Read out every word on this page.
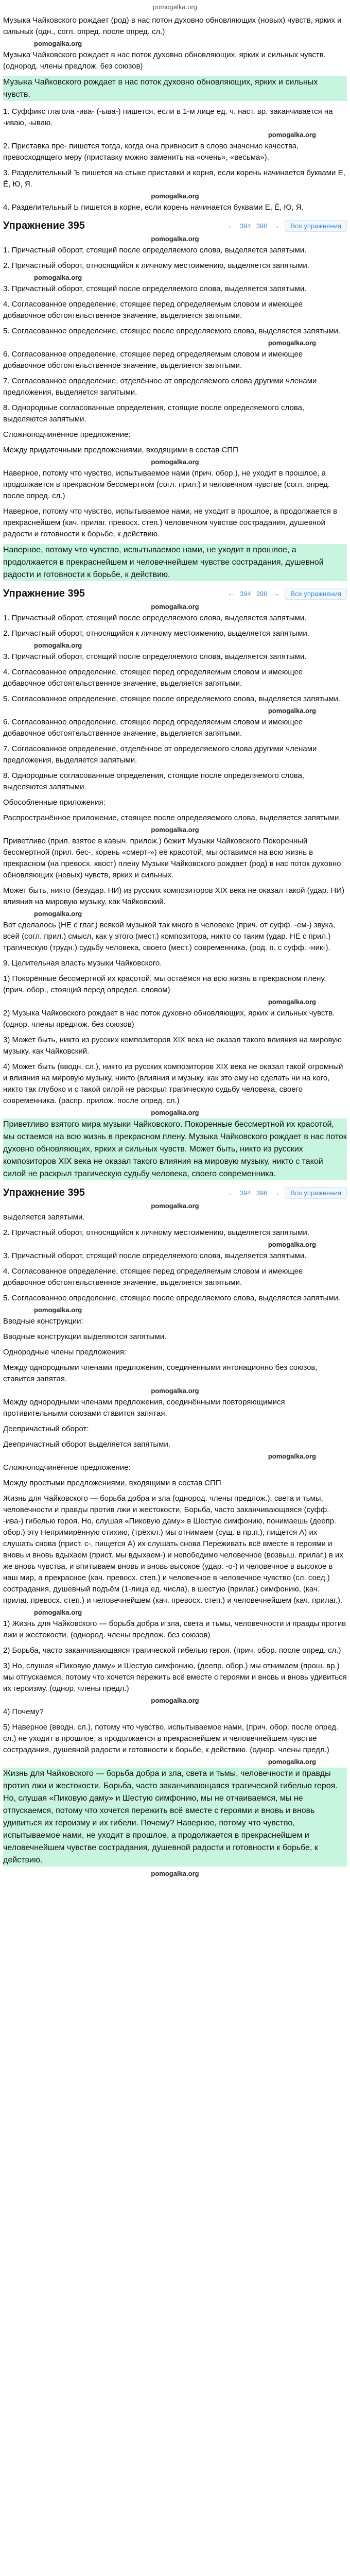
pomogalka.org

Музыка Чайковского рождает (род) в нас потон духовно обновляющих (новых) чувств, ярких и сильных (одн., согл. опред. после опред. сл.)

pomogalka.org

Музыка Чайковского рождает в нас поток духовно обновляющих, ярких и сильных чувств. (однород. члены предлож. без союзов)

Музыка Чайковского рождает в нас поток духовно обновляющих, ярких и сильных чувств.

1. Суффикс глагола -ива- (-ыва-) пишется, если в 1-м лице ед. ч. наст. вр. заканчивается на -иваю, -ываю.

pomogalka.org

2. Приставка пре- пишется тогда, когда она привносит в слово значение качества, превосходящего меру (приставку можно заменить на «очень», «весьма»).

3. Разделительный Ъ пишется на стыке приставки и корня, если корень начинается буквами Е, Ё, Ю, Я.

pomogalka.org

4. Разделительный Ь пишется в корне, если корень начинается буквами Е, Ё, Ю, Я.

Упражнение 395	← 394 396 →	Все упражнения
pomogalka.org

1. Причастный оборот, стоящий после определяемого слова, выделяется запятыми.

2. Причастный оборот, относящийся к личному местоимению, выделяется запятыми.

pomogalka.org

3. Причастный оборот, стоящий после определяемого слова, выделяется запятыми.

4. Согласованное определение, стоящее перед определяемым словом и имеющее добавочное обстоятельственное значение, выделяется запятыми.

5. Согласованное определение, стоящее после определяемого слова, выделяется запятыми.

pomogalka.org

6. Согласованное определение, стоящее перед определяемым словом и имеющее добавочное обстоятельственное значение, выделяется запятыми.

7. Согласованное определение, отделённое от определяемого слова другими членами предложения, выделяется запятыми.

8. Однородные согласованные определения, стоящие после определяемого слова, выделяются запятыми.

Сложноподчинённое предложение:

Между придаточными предложениями, входящими в состав СПП

pomogalka.org

Наверное, потому что чувство, испытываемое нами (прич. обор.), не уходит в прошлое, а продолжается в прекрасном бессмертном (согл. прил.) и человечном чувстве (согл. опред. после опред. сл.)

Наверное, потому что чувство, испытываемое нами, не уходит в прошлое, а продолжается в прекраснейшем (кач. прилаг. превосх. степ.) человечном чувстве сострадания, душевной радости и готовности к борьбе, к действию.

Наверное, потому что чувство, испытываемое нами, не уходит в прошлое, а продолжается в прекраснейшем и человечнейшем чувстве сострадания, душевной радости и готовности к борьбе, к действию.

Упражнение 395	← 394 396 →	Все упражнения
pomogalka.org

1. Причастный оборот, стоящий после определяемого слова, выделяется запятыми.

2. Причастный оборот, относящийся к личному местоимению, выделяется запятыми.

pomogalka.org

3. Причастный оборот, стоящий после определяемого слова, выделяется запятыми.

4. Согласованное определение, стоящее перед определяемым словом и имеющее добавочное обстоятельственное значение, выделяется запятыми.

5. Согласованное определение, стоящее после определяемого слова, выделяется запятыми.

pomogalka.org

6. Согласованное определение, стоящее перед определяемым словом и имеющее добавочное обстоятельственное значение, выделяется запятыми.

7. Согласованное определение, отделённое от определяемого слова другими членами предложения, выделяется запятыми.

8. Однородные согласованные определения, стоящие после определяемого слова, выделяются запятыми.

Обособленные приложения:

Распространённое приложение, стоящее после определяемого слова, выделяется запятыми.

pomogalka.org

Приветливо (прил. взятое в кавыч. прилож.) бежит Музыки Чайковского Покоренный бессмертной (прил. бес-, корень «смерт-») её красотой, мы оставимся на всю жизнь в прекрасном (на превосх. хвост) плену Музыки Чайковского рождает (род) в нас поток духовно обновляющих (новых) чувств, ярких и сильных.

Может быть, никто (безудар. НИ) из русских композиторов XIX века не оказал такой (удар. НИ) влияния на мировую музыку, как Чайковский.

pomogalka.org

Вот сделалось (НЕ с глаг.) всякой музыкой так много в человеке (прич. от суфф. -ем-) звука, всей (согл. прил.) смысл, как у этого (мест.) композитора, никто со таким (удар. НЕ с прил.) трагическую (трудн.) судьбу человека, своего (мест.) современника, (род. п. с суфф. -ник-).

9. Целительная власть музыки Чайковского.

1) Покорённые бессмертной их красотой, мы остаёмся на всю жизнь в прекрасном плену. (прич. обор., стоящий перед определ. словом)

pomogalka.org

2) Музыка Чайковского рождает в нас поток духовно обновляющих, ярких и сильных чувств. (однор. члены предлож. без союзов)

3) Может быть, никто из русских композиторов XIX века не оказал такого влияния на мировую музыку, как Чайковский.

4) Может быть (вводн. сл.), никто из русских композиторов XIX века не оказал такой огромный и влияния на мировую музыку, никто (влияния и музыку, как это ему не сделать ни на кого, никто так глубоко и с такой силой не раскрыл трагическую судьбу человека, своего современника. (распр. прилож. после опред. сл.)

pomogalka.org

Приветливо взятого мира музыки Чайковского. Покоренные бессмертной их красотой, мы остаемся на всю жизнь в прекрасном плену. Музыка Чайковского рождает в нас поток духовно обновляющих, ярких и сильных чувств. Может быть, никто из русских композиторов XIX века не оказал такого влияния на мировую музыку, никто с такой силой не раскрыл трагическую судьбу человека, своего современника.

Упражнение 395	← 394 396 →	Все упражнения
pomogalka.org

выделяется запятыми.

2. Причастный оборот, относящийся к личному местоимению, выделяется запятыми.

pomogalka.org

3. Причастный оборот, стоящий после определяемого слова, выделяется запятыми.

4. Согласованное определение, стоящее перед определяемым словом и имеющее добавочное обстоятельственное значение, выделяется запятыми.

5. Согласованное определение, стоящее после определяемого слова, выделяется запятыми.

pomogalka.org

Вводные конструкции:

Вводные конструкции выделяются запятыми.

Однородные члены предложения:

Между однородными членами предложения, соединёнными интонационно без союзов, ставится запятая.

pomogalka.org

Между однородными членами предложения, соединёнными повторяющимися противительными союзами ставится запятая.

Деепричастный оборот:

Деепричастный оборот выделяется запятыми.

pomogalka.org

Сложноподчинённое предложение:

Между простыми предложениями, входящими в состав СПП

Жизнь для Чайковского — борьба добра и зла (однород. члены предлож.), света и тьмы, человечности и правды против лжи и жестокости, Борьба, часто заканчивающаяся (суфф. -ива-) гибелью героя. Но, слушая «Пиковую даму» в Шестую симфонию, понимаешь (деепр. обор.) эту Непримирённую стихию, (трёхкл.) мы отнимаем (сущ. в пр.п.), пищется А) их слушать снова (прист. с-, пищется А) их слушать снова Переживать всё вместе в героями и вновь и вновь вдыхаем (прист. мы вдыхаем-) и непобедимо человечное (возвыш. прилаг.) в их же вновь чувства, и впитываем вновь и вновь высокое (удар. -о-) и человечное в высокое в наш мир, а прекрасное (кач. превосх. степ.) и человечное в человечное чувство (сл. соед.) сострадания, душевный подъём (1-лица ед. числа), в шестую (прилаг.) симфонию, (кач. прилаг. превосх. степ.) и человечнейшем (кач. превосх. степ.) и человечнейшем (кач. прилаг.).

pomogalka.org

1) Жизнь для Чайковского — борьба добра и зла, света и тьмы, человечности и правды против лжи и жестокости. (однород. члены предлож. без союзов)

2) Борьба, часто заканчивающаяся трагической гибелью героя. (прич. обор. после опред. сл.)

3) Но, слушая «Пиковую даму» и Шестую симфонию, (деепр. обор.) мы отнимаем (прош. вр.) мы отпускаемся, потому что хочется пережить всё вместе с героями и вновь и вновь удивиться их героизму. (однор. члены предл.)

pomogalka.org

4) Почему?

5) Наверное (вводн. сл.), потому что чувство, испытываемое нами, (прич. обор. после опред. сл.) не уходит в прошлое, а продолжается в прекраснейшем и человечнейшем чувстве сострадания, душевной радости и готовности к борьбе, к действию. (однор. члены предл.)

pomogalka.org

Жизнь для Чайковского — борьба добра и зла, света и тьмы, человечности и правды против лжи и жестокости. Борьба, часто заканчивающаяся трагической гибелью героя. Но, слушая «Пиковую даму» и Шестую симфонию, мы не отчаиваемся, мы не отпускаемся, потому что хочется пережить всё вместе с героями и вновь и вновь удивиться их героизму и их гибели. Почему? Наверное, потому что чувство, испытываемое нами, не уходит в прошлое, а продолжается в прекраснейшем и человечнейшем чувстве сострадания, душевной радости и готовности к борьбе, к действию.

pomogalka.org
